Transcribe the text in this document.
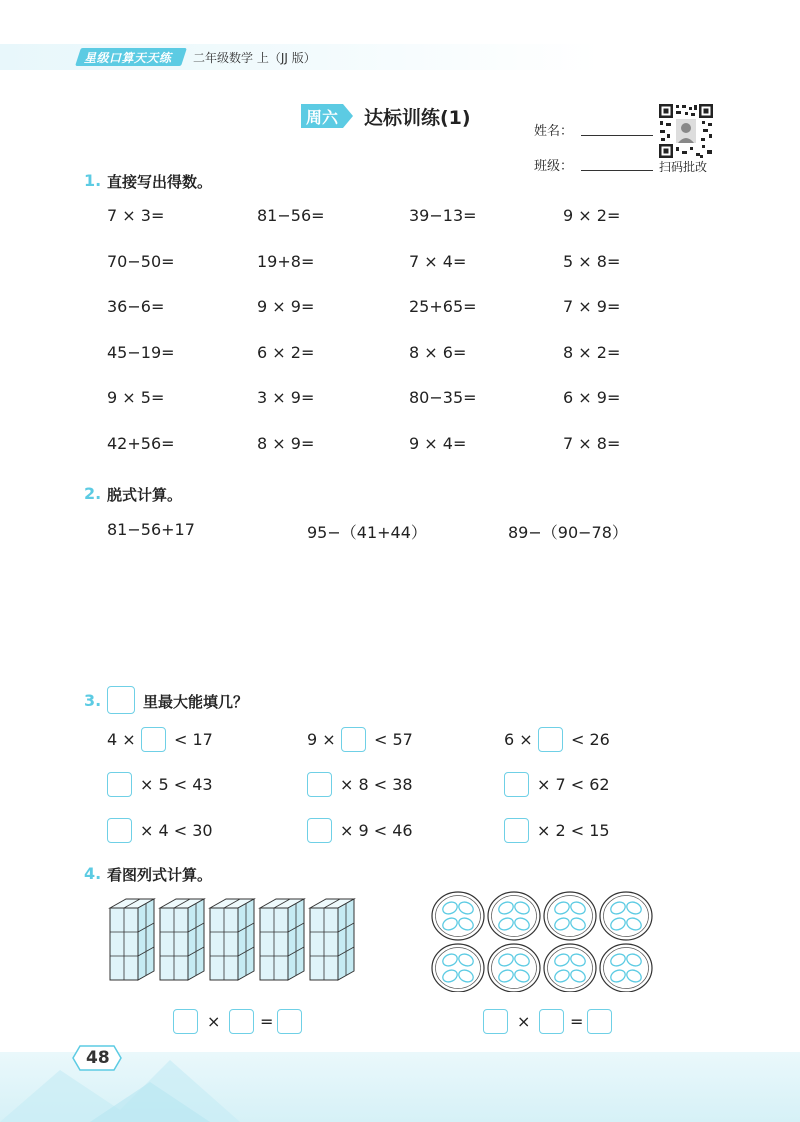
星级口算天天练 二年级数学 上（JJ 版）
周六 达标训练(1)
姓名：
班级：	扫码批改
1. 直接写出得数。
7 × 3=	81−56=	39−13=	9 × 2=
70−50=	19+8=	7 × 4=	5 × 8=
36−6=	9 × 9=	25+65=	7 × 9=
45−19=	6 × 2=	8 × 6=	8 × 2=
9 × 5=	3 × 9=	80−35=	6 × 9=
42+56=	8 × 9=	9 × 4=	7 × 8=
2. 脱式计算。
81−56+17	95−（41+44）	89−（90−78）
3.	里最大能填几？
4 × < 17	9 × < 57	6 × < 26
× 5 < 43	× 8 < 38	× 7 < 62
× 4 < 30	× 9 < 46	× 2 < 15
4. 看图列式计算。
× =	× =
48
